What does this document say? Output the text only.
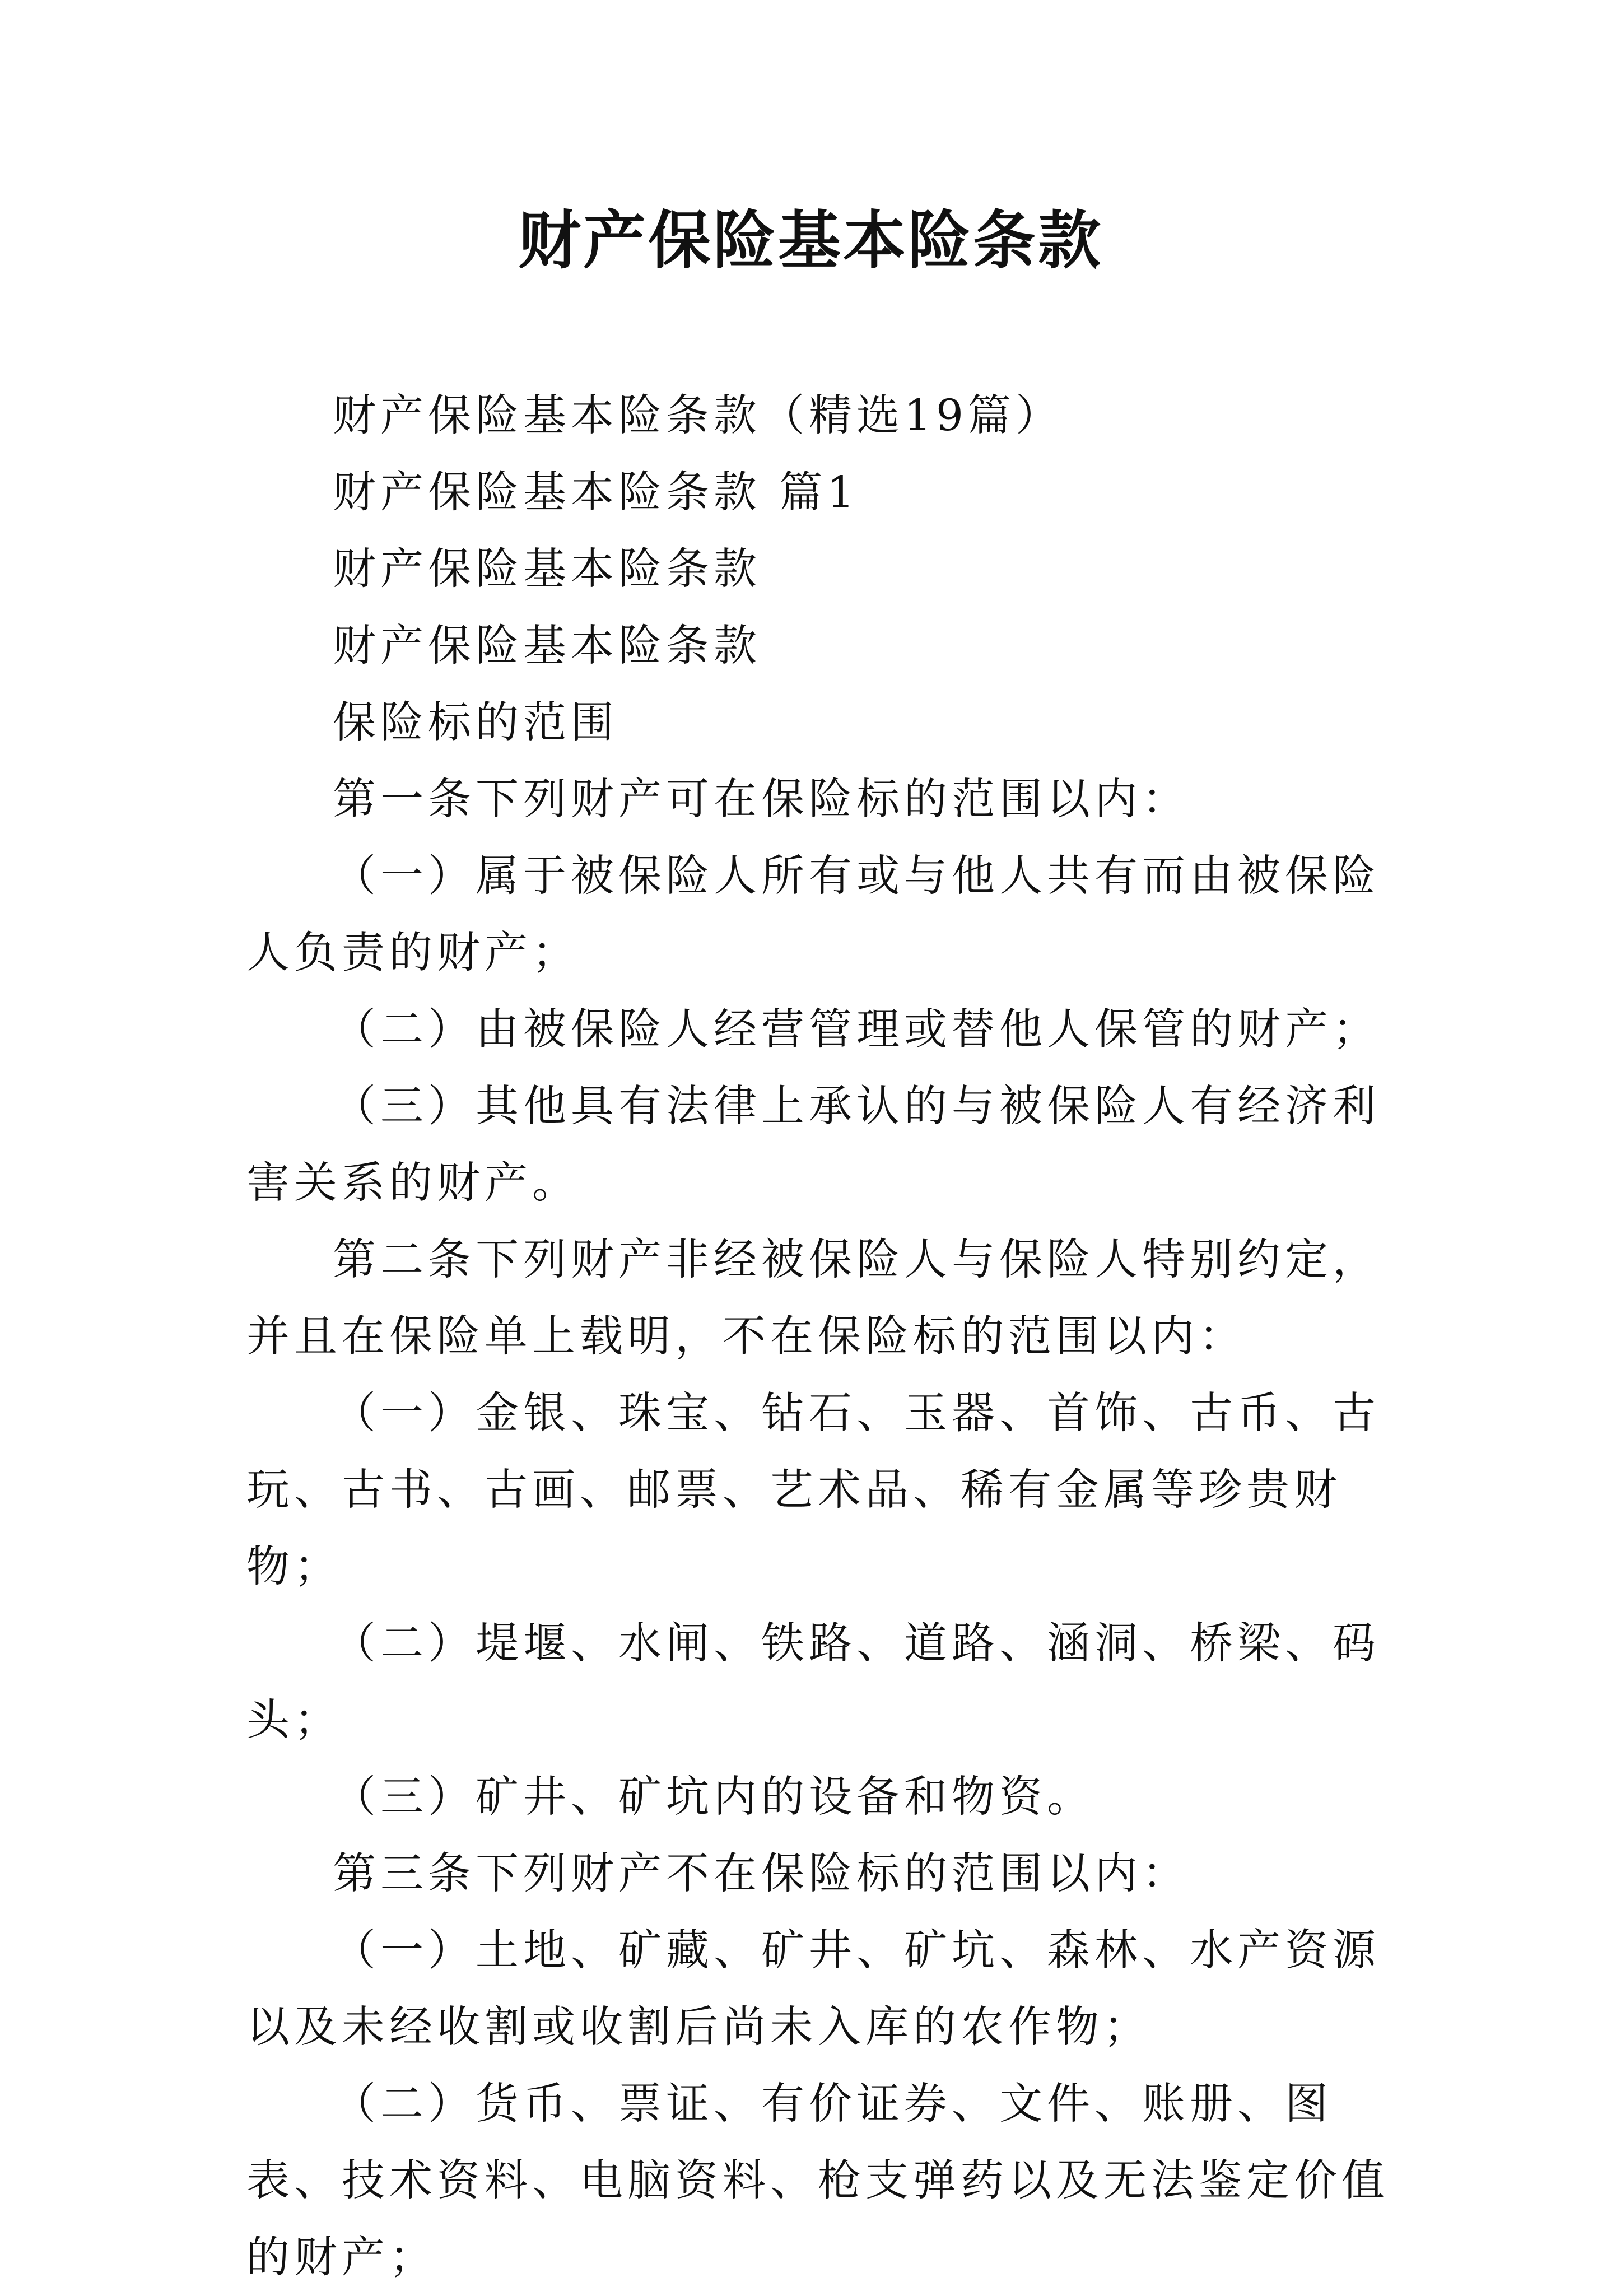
财产保险基本险条款

财产保险基本险条款（精选19篇）

财产保险基本险条款 篇1

财产保险基本险条款

财产保险基本险条款

保险标的范围

第一条下列财产可在保险标的范围以内：

（一）属于被保险人所有或与他人共有而由被保险人负责的财产；

（二）由被保险人经营管理或替他人保管的财产；

（三）其他具有法律上承认的与被保险人有经济利害关系的财产。

第二条下列财产非经被保险人与保险人特别约定，并且在保险单上载明，不在保险标的范围以内：

（一）金银、珠宝、钻石、玉器、首饰、古币、古玩、古书、古画、邮票、艺术品、稀有金属等珍贵财物；

（二）堤堰、水闸、铁路、道路、涵洞、桥梁、码头；

（三）矿井、矿坑内的设备和物资。

第三条下列财产不在保险标的范围以内：

（一）土地、矿藏、矿井、矿坑、森林、水产资源以及未经收割或收割后尚未入库的农作物；

（二）货币、票证、有价证券、文件、账册、图表、技术资料、电脑资料、枪支弹药以及无法鉴定价值的财产；
